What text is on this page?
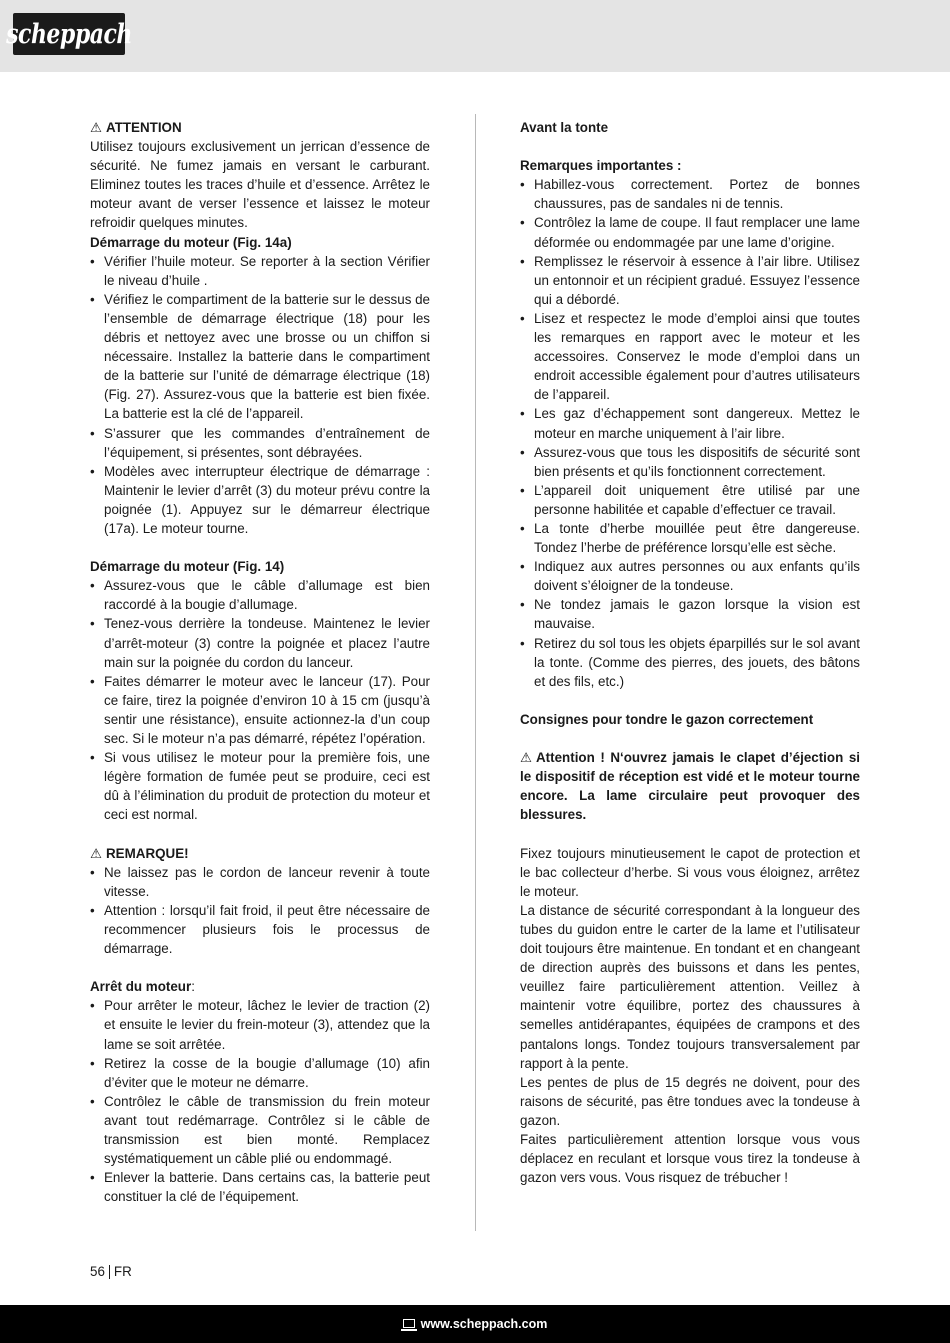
scheppach
⚠ ATTENTION

Utilisez toujours exclusivement un jerrican d’essence de sécurité. Ne fumez jamais en versant le carburant. Eliminez toutes les traces d’huile et d’essence. Arrêtez le moteur avant de verser l’essence et laissez le moteur refroidir quelques minutes.

Démarrage du moteur (Fig. 14a)
• Vérifier l’huile moteur. Se reporter à la section Vérifier le niveau d’huile .
• Vérifiez le compartiment de la batterie sur le dessus de l’ensemble de démarrage électrique (18) pour les débris et nettoyez avec une brosse ou un chiffon si nécessaire. Installez la batterie dans le compartiment de la batterie sur l’unité de démarrage électrique (18) (Fig. 27). Assurez-vous que la batterie est bien fixée. La batterie est la clé de l’appareil.
• S’assurer que les commandes d’entraînement de l’équipement, si présentes, sont débrayées.
• Modèles avec interrupteur électrique de démarrage : Maintenir le levier d’arrêt (3) du moteur prévu contre la poignée (1). Appuyez sur le démarreur électrique (17a). Le moteur tourne.
Démarrage du moteur (Fig. 14)
• Assurez-vous que le câble d’allumage est bien raccordé à la bougie d’allumage.
• Tenez-vous derrière la tondeuse. Maintenez le levier d’arrêt-moteur (3) contre la poignée et placez l’autre main sur la poignée du cordon du lanceur.
• Faites démarrer le moteur avec le lanceur (17). Pour ce faire, tirez la poignée d’environ 10 à 15 cm (jusqu’à sentir une résistance), ensuite actionnez-la d’un coup sec. Si le moteur n’a pas démarré, répétez l’opération.
• Si vous utilisez le moteur pour la première fois, une légère formation de fumée peut se produire, ceci est dû à l’élimination du produit de protection du moteur et ceci est normal.
⚠ REMARQUE!
• Ne laissez pas le cordon de lanceur revenir à toute vitesse.
• Attention : lorsqu’il fait froid, il peut être nécessaire de recommencer plusieurs fois le processus de démarrage.
Arrêt du moteur:
• Pour arrêter le moteur, lâchez le levier de traction (2) et ensuite le levier du frein-moteur (3), attendez que la lame se soit arrêtée.
• Retirez la cosse de la bougie d’allumage (10) afin d’éviter que le moteur ne démarre.
• Contrôlez le câble de transmission du frein moteur avant tout redémarrage. Contrôlez si le câble de transmission est bien monté. Remplacez systématiquement un câble plié ou endommagé.
• Enlever la batterie. Dans certains cas, la batterie peut constituer la clé de l’équipement.
Avant la tonte
Remarques importantes :
• Habillez-vous correctement. Portez de bonnes chaussures, pas de sandales ni de tennis.
• Contrôlez la lame de coupe. Il faut remplacer une lame déformée ou endommagée par une lame d’origine.
• Remplissez le réservoir à essence à l’air libre. Utilisez un entonnoir et un récipient gradué. Essuyez l’essence qui a débordé.
• Lisez et respectez le mode d’emploi ainsi que toutes les remarques en rapport avec le moteur et les accessoires. Conservez le mode d’emploi dans un endroit accessible également pour d’autres utilisateurs de l’appareil.
• Les gaz d’échappement sont dangereux. Mettez le moteur en marche uniquement à l’air libre.
• Assurez-vous que tous les dispositifs de sécurité sont bien présents et qu’ils fonctionnent correctement.
• L’appareil doit uniquement être utilisé par une personne habilitée et capable d’effectuer ce travail.
• La tonte d’herbe mouillée peut être dangereuse. Tondez l’herbe de préférence lorsqu’elle est sèche.
• Indiquez aux autres personnes ou aux enfants qu’ils doivent s’éloigner de la tondeuse.
• Ne tondez jamais le gazon lorsque la vision est mauvaise.
• Retirez du sol tous les objets éparpillés sur le sol avant la tonte. (Comme des pierres, des jouets, des bâtons et des fils, etc.)
Consignes pour tondre le gazon correctement

⚠ Attention ! N‘ouvrez jamais le clapet d’éjection si le dispositif de réception est vidé et le moteur tourne encore. La lame circulaire peut provoquer des blessures.

Fixez toujours minutieusement le capot de protection et le bac collecteur d’herbe. Si vous vous éloignez, arrêtez le moteur.

La distance de sécurité correspondant à la longueur des tubes du guidon entre le carter de la lame et l’utilisateur doit toujours être maintenue. En tondant et en changeant de direction auprès des buissons et dans les pentes, veuillez faire particulièrement attention. Veillez à maintenir votre équilibre, portez des chaussures à semelles antidérapantes, équipées de crampons et des pantalons longs. Tondez toujours transversalement par rapport à la pente.

Les pentes de plus de 15 degrés ne doivent, pour des raisons de sécurité, pas être tondues avec la tondeuse à gazon.

Faites particulièrement attention lorsque vous vous déplacez en reculant et lorsque vous tirez la tondeuse à gazon vers vous. Vous risquez de trébucher !

56 FR
www.scheppach.com
